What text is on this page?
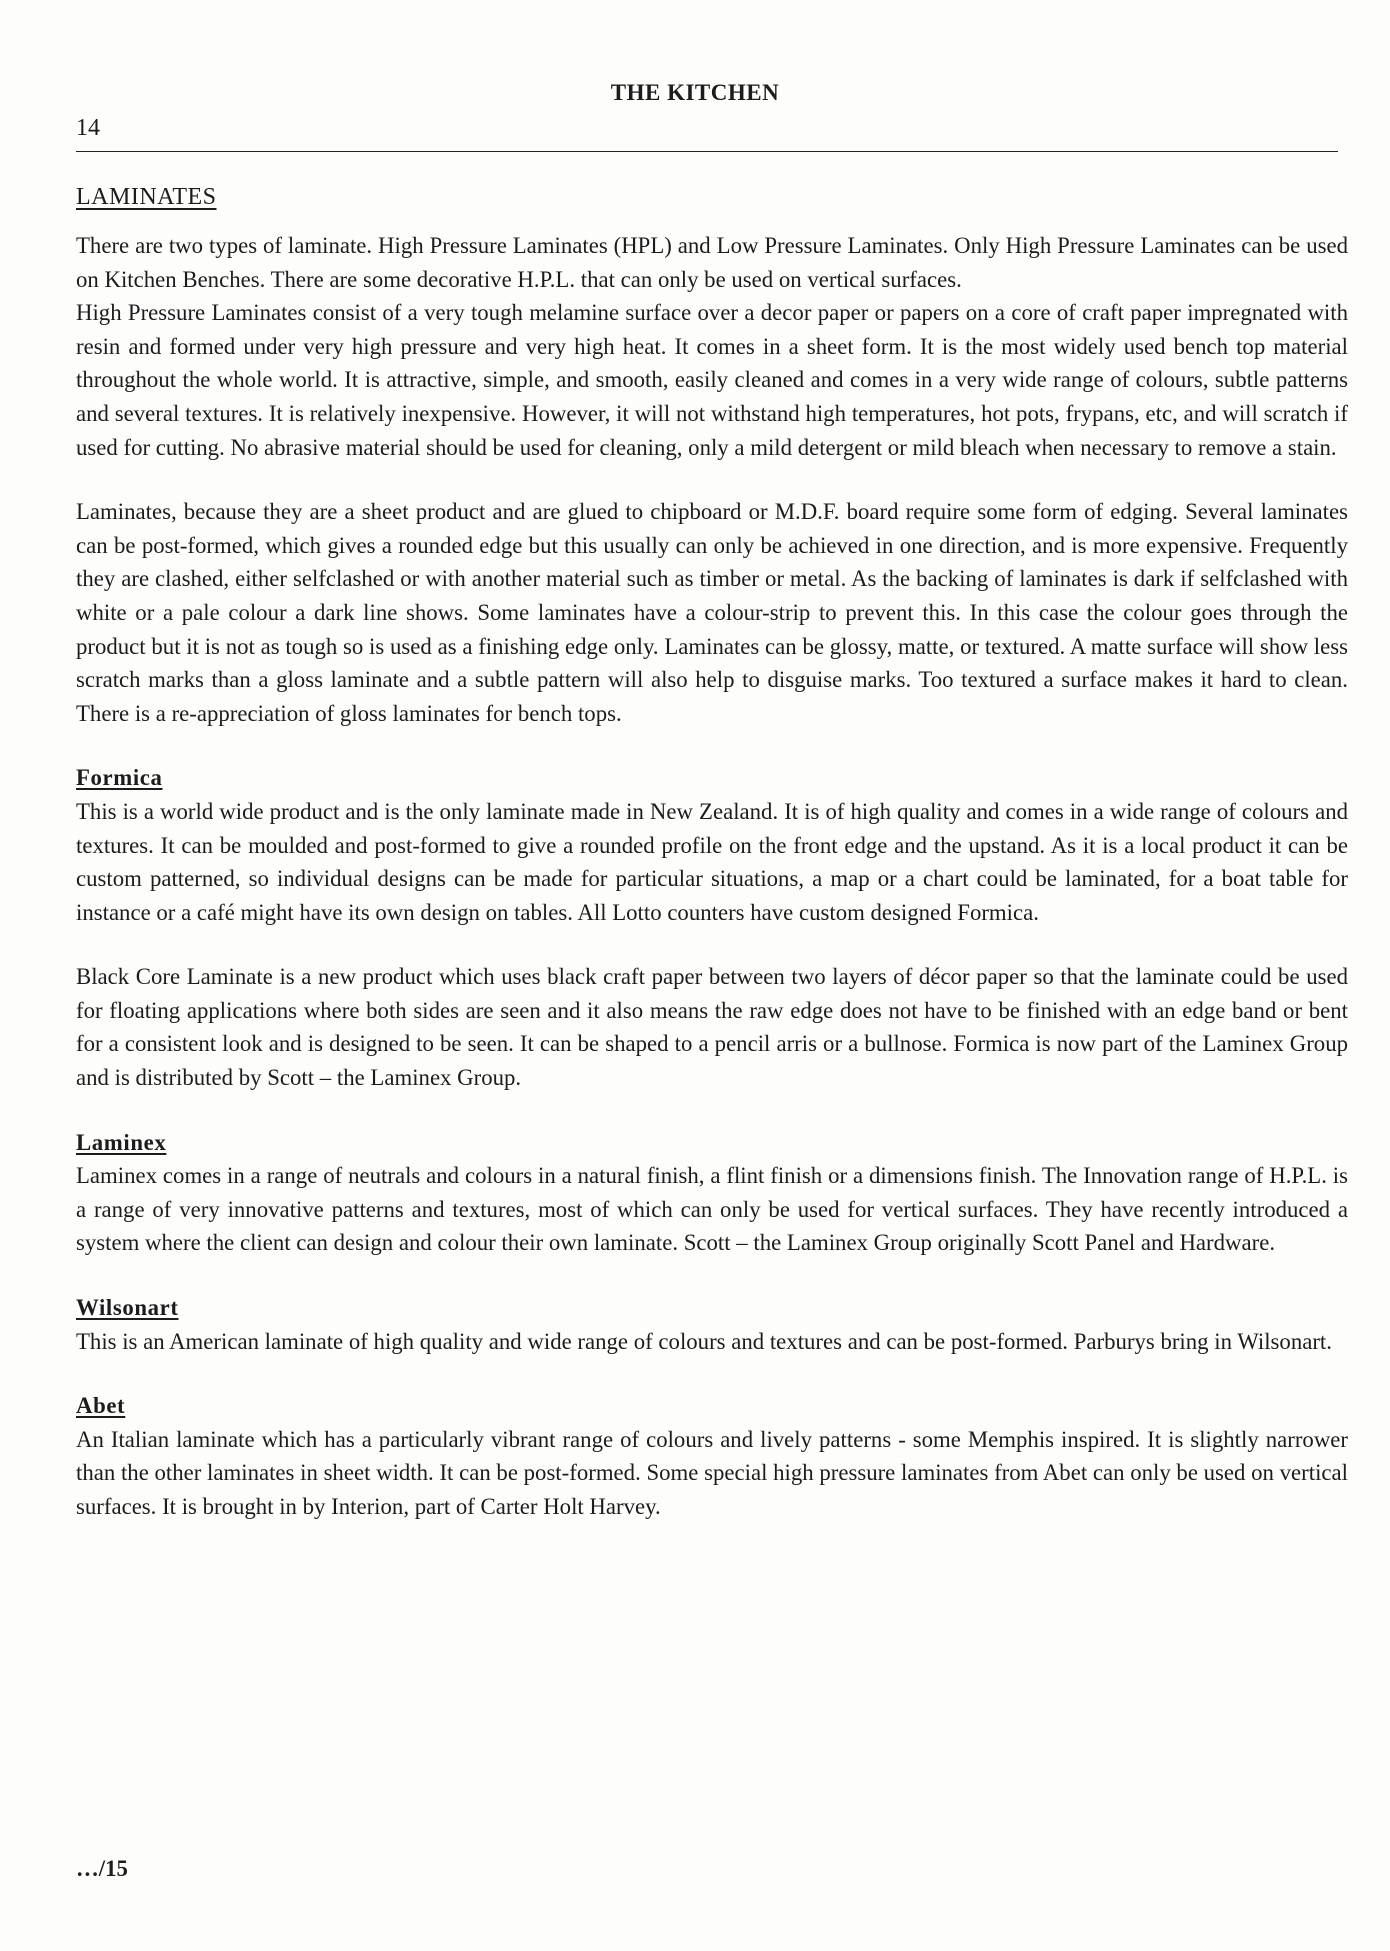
THE KITCHEN
14
LAMINATES

There are two types of laminate. High Pressure Laminates (HPL) and Low Pressure Laminates. Only High Pressure Laminates can be used on Kitchen Benches. There are some decorative H.P.L. that can only be used on vertical surfaces.

High Pressure Laminates consist of a very tough melamine surface over a decor paper or papers on a core of craft paper impregnated with resin and formed under very high pressure and very high heat. It comes in a sheet form. It is the most widely used bench top material throughout the whole world. It is attractive, simple, and smooth, easily cleaned and comes in a very wide range of colours, subtle patterns and several textures. It is relatively inexpensive. However, it will not withstand high temperatures, hot pots, frypans, etc, and will scratch if used for cutting. No abrasive material should be used for cleaning, only a mild detergent or mild bleach when necessary to remove a stain.

Laminates, because they are a sheet product and are glued to chipboard or M.D.F. board require some form of edging. Several laminates can be post-formed, which gives a rounded edge but this usually can only be achieved in one direction, and is more expensive. Frequently they are clashed, either selfclashed or with another material such as timber or metal. As the backing of laminates is dark if selfclashed with white or a pale colour a dark line shows. Some laminates have a colour-strip to prevent this. In this case the colour goes through the product but it is not as tough so is used as a finishing edge only. Laminates can be glossy, matte, or textured. A matte surface will show less scratch marks than a gloss laminate and a subtle pattern will also help to disguise marks. Too textured a surface makes it hard to clean. There is a re-appreciation of gloss laminates for bench tops.

Formica

This is a world wide product and is the only laminate made in New Zealand. It is of high quality and comes in a wide range of colours and textures. It can be moulded and post-formed to give a rounded profile on the front edge and the upstand. As it is a local product it can be custom patterned, so individual designs can be made for particular situations, a map or a chart could be laminated, for a boat table for instance or a café might have its own design on tables. All Lotto counters have custom designed Formica.

Black Core Laminate is a new product which uses black craft paper between two layers of décor paper so that the laminate could be used for floating applications where both sides are seen and it also means the raw edge does not have to be finished with an edge band or bent for a consistent look and is designed to be seen. It can be shaped to a pencil arris or a bullnose. Formica is now part of the Laminex Group and is distributed by Scott – the Laminex Group.

Laminex

Laminex comes in a range of neutrals and colours in a natural finish, a flint finish or a dimensions finish. The Innovation range of H.P.L. is a range of very innovative patterns and textures, most of which can only be used for vertical surfaces. They have recently introduced a system where the client can design and colour their own laminate. Scott – the Laminex Group originally Scott Panel and Hardware.

Wilsonart

This is an American laminate of high quality and wide range of colours and textures and can be post-formed. Parburys bring in Wilsonart.

Abet

An Italian laminate which has a particularly vibrant range of colours and lively patterns - some Memphis inspired. It is slightly narrower than the other laminates in sheet width. It can be post-formed. Some special high pressure laminates from Abet can only be used on vertical surfaces. It is brought in by Interion, part of Carter Holt Harvey.

…/15
